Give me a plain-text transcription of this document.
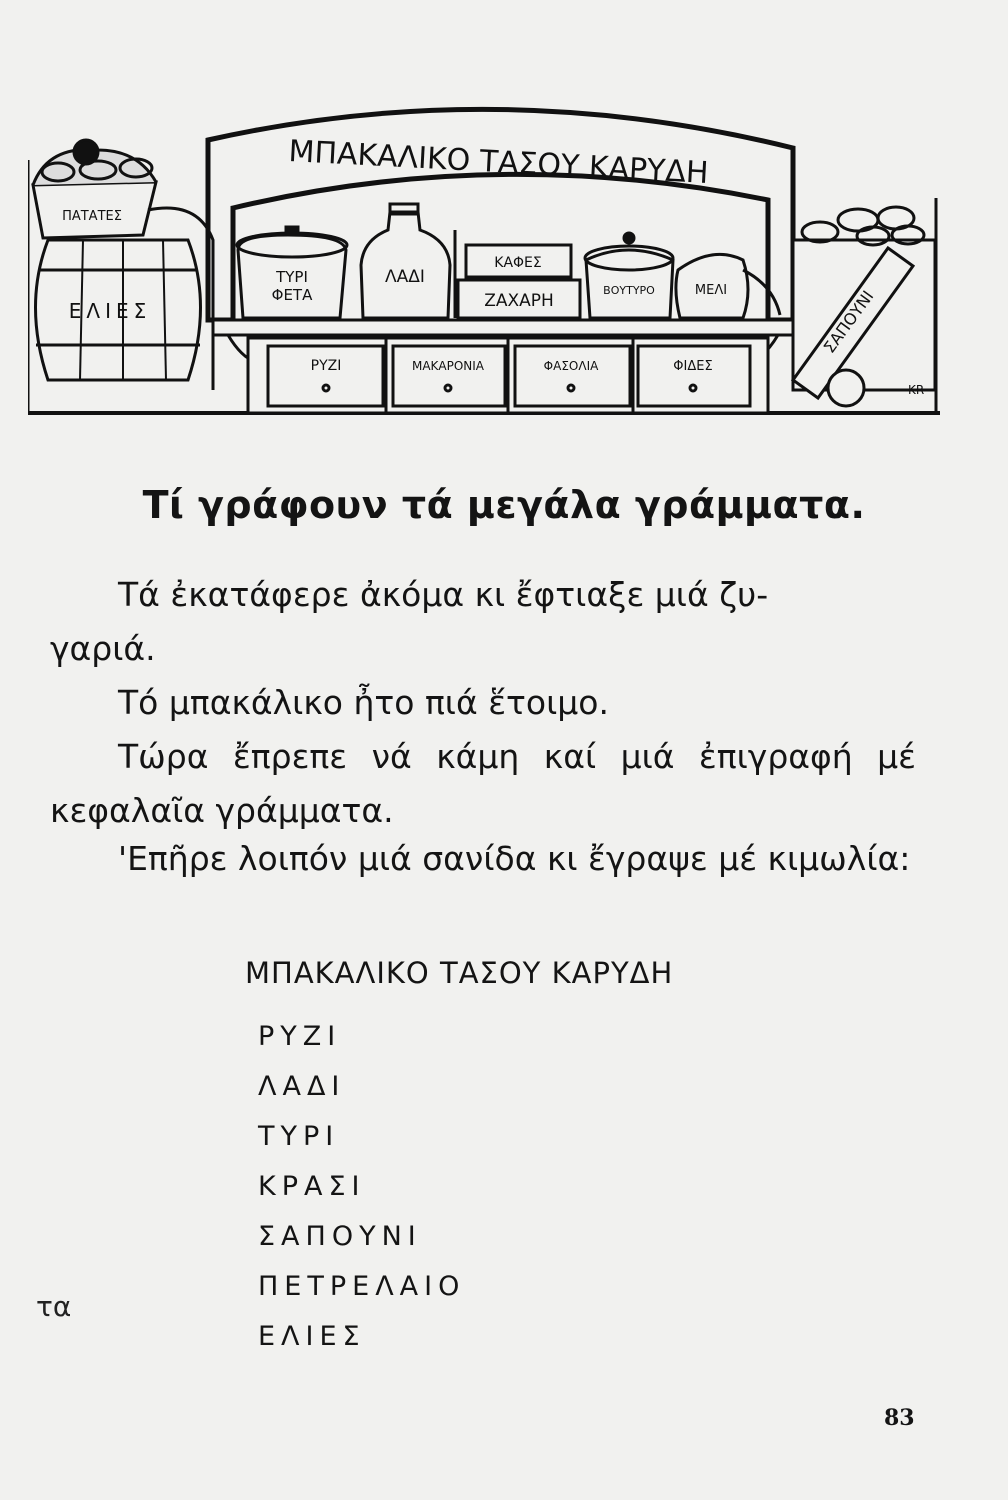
ΜΠΑΚΑΛΙΚΟ ΤΑΣΟΥ ΚΑΡΥΔΗ
ΠΑΤΑΤΕΣ
ΕΛΙΕΣ
ΤΥΡΙ
ΦΕΤΑ
ΛΑΔΙ
ΚΑΦΕΣ
ΖΑΧΑΡΗ
ΒΟΥΤΥΡΟ	ΜΕΛΙ	ΣΑΠΟΥΝΙ
ΡΥΖΙ	ΜΑΚΑΡΟΝΙΑ	ΦΑΣΟΛΙΑ	ΦΙΔΕΣ
KR
Τί γράφουν τά μεγάλα γράμματα.
Τά ἐκατάφερε ἀκόμα κι ἔφτιαξε μιά ζυ-
γαριά.
Τό μπακάλικο ἦτο πιά ἕτοιμο.
Τώρα ἔπρεπε νά κάμη καί μιά ἐπιγραφή μέ κεφαλαῖα γράμματα.
'Επῆρε λοιπόν μιά σανίδα κι ἔγραψε μέ κιμωλία:
ΜΠΑΚΑΛΙΚΟ ΤΑΣΟΥ ΚΑΡΥΔΗ
ΡΥΖΙ
ΛΑΔΙ
ΤΥΡΙ
ΚΡΑΣΙ
ΣΑΠΟΥΝΙ
ΠΕΤΡΕΛΑΙΟ
ΕΛΙΕΣ
τα
83
